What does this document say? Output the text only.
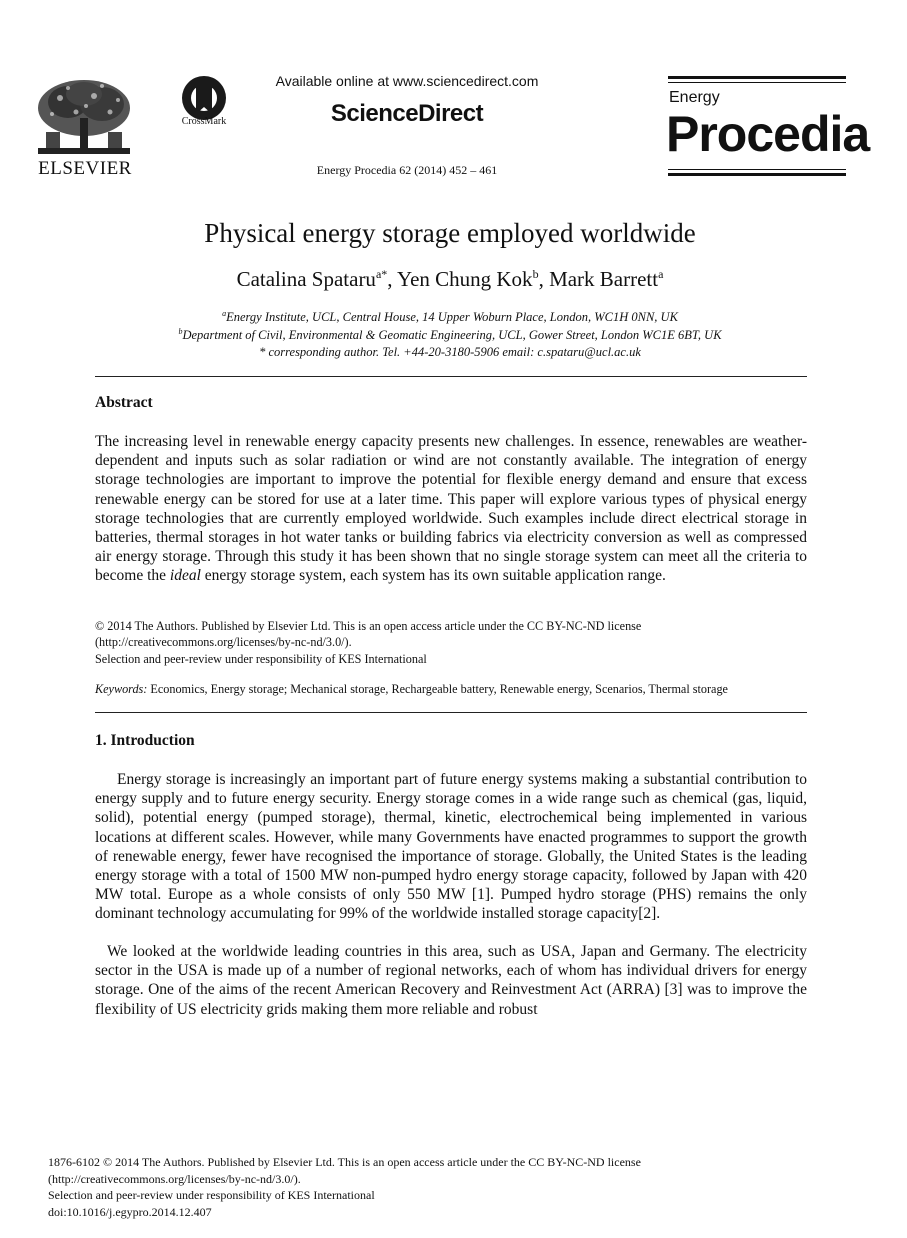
ELSEVIER
CrossMark
Available online at www.sciencedirect.com
ScienceDirect
Energy Procedia 62 (2014) 452 – 461
Energy
Procedia
Physical energy storage employed worldwide
Catalina Spataru$^{a*}$, Yen Chung Kok$^b$, Mark Barrett$^a$
$^a$Energy Institute, UCL, Central House, 14 Upper Woburn Place, London, WC1H 0NN, UK
$^b$Department of Civil, Environmental & Geomatic Engineering, UCL, Gower Street, London WC1E 6BT, UK
* corresponding author. Tel. +44-20-3180-5906 email: c.spataru@ucl.ac.uk
Abstract

The increasing level in renewable energy capacity presents new challenges. In essence, renewables are weather-dependent and inputs such as solar radiation or wind are not constantly available. The integration of energy storage technologies are important to improve the potential for flexible energy demand and ensure that excess renewable energy can be stored for use at a later time. This paper will explore various types of physical energy storage technologies that are currently employed worldwide. Such examples include direct electrical storage in batteries, thermal storages in hot water tanks or building fabrics via electricity conversion as well as compressed air energy storage. Through this study it has been shown that no single storage system can meet all the criteria to become the ideal energy storage system, each system has its own suitable application range.

© 2014 The Authors. Published by Elsevier Ltd. This is an open access article under the CC BY-NC-ND license
(http://creativecommons.org/licenses/by-nc-nd/3.0/).
Selection and peer-review under responsibility of KES International
Keywords: Economics, Energy storage; Mechanical storage, Rechargeable battery, Renewable energy, Scenarios, Thermal storage
1. Introduction

Energy storage is increasingly an important part of future energy systems making a substantial contribution to energy supply and to future energy security. Energy storage comes in a wide range such as chemical (gas, liquid, solid), potential energy (pumped storage), thermal, kinetic, electrochemical being implemented in various locations at different scales. However, while many Governments have enacted programmes to support the growth of renewable energy, fewer have recognised the importance of storage. Globally, the United States is the leading energy storage with a total of 1500 MW non-pumped hydro energy storage capacity, followed by Japan with 420 MW total. Europe as a whole consists of only 550 MW [1]. Pumped hydro storage (PHS) remains the only dominant technology accumulating for 99% of the worldwide installed storage capacity[2].

We looked at the worldwide leading countries in this area, such as USA, Japan and Germany. The electricity sector in the USA is made up of a number of regional networks, each of whom has individual drivers for energy storage. One of the aims of the recent American Recovery and Reinvestment Act (ARRA) [3] was to improve the flexibility of US electricity grids making them more reliable and robust

1876-6102 © 2014 The Authors. Published by Elsevier Ltd. This is an open access article under the CC BY-NC-ND license
(http://creativecommons.org/licenses/by-nc-nd/3.0/).
Selection and peer-review under responsibility of KES International
doi:10.1016/j.egypro.2014.12.407
